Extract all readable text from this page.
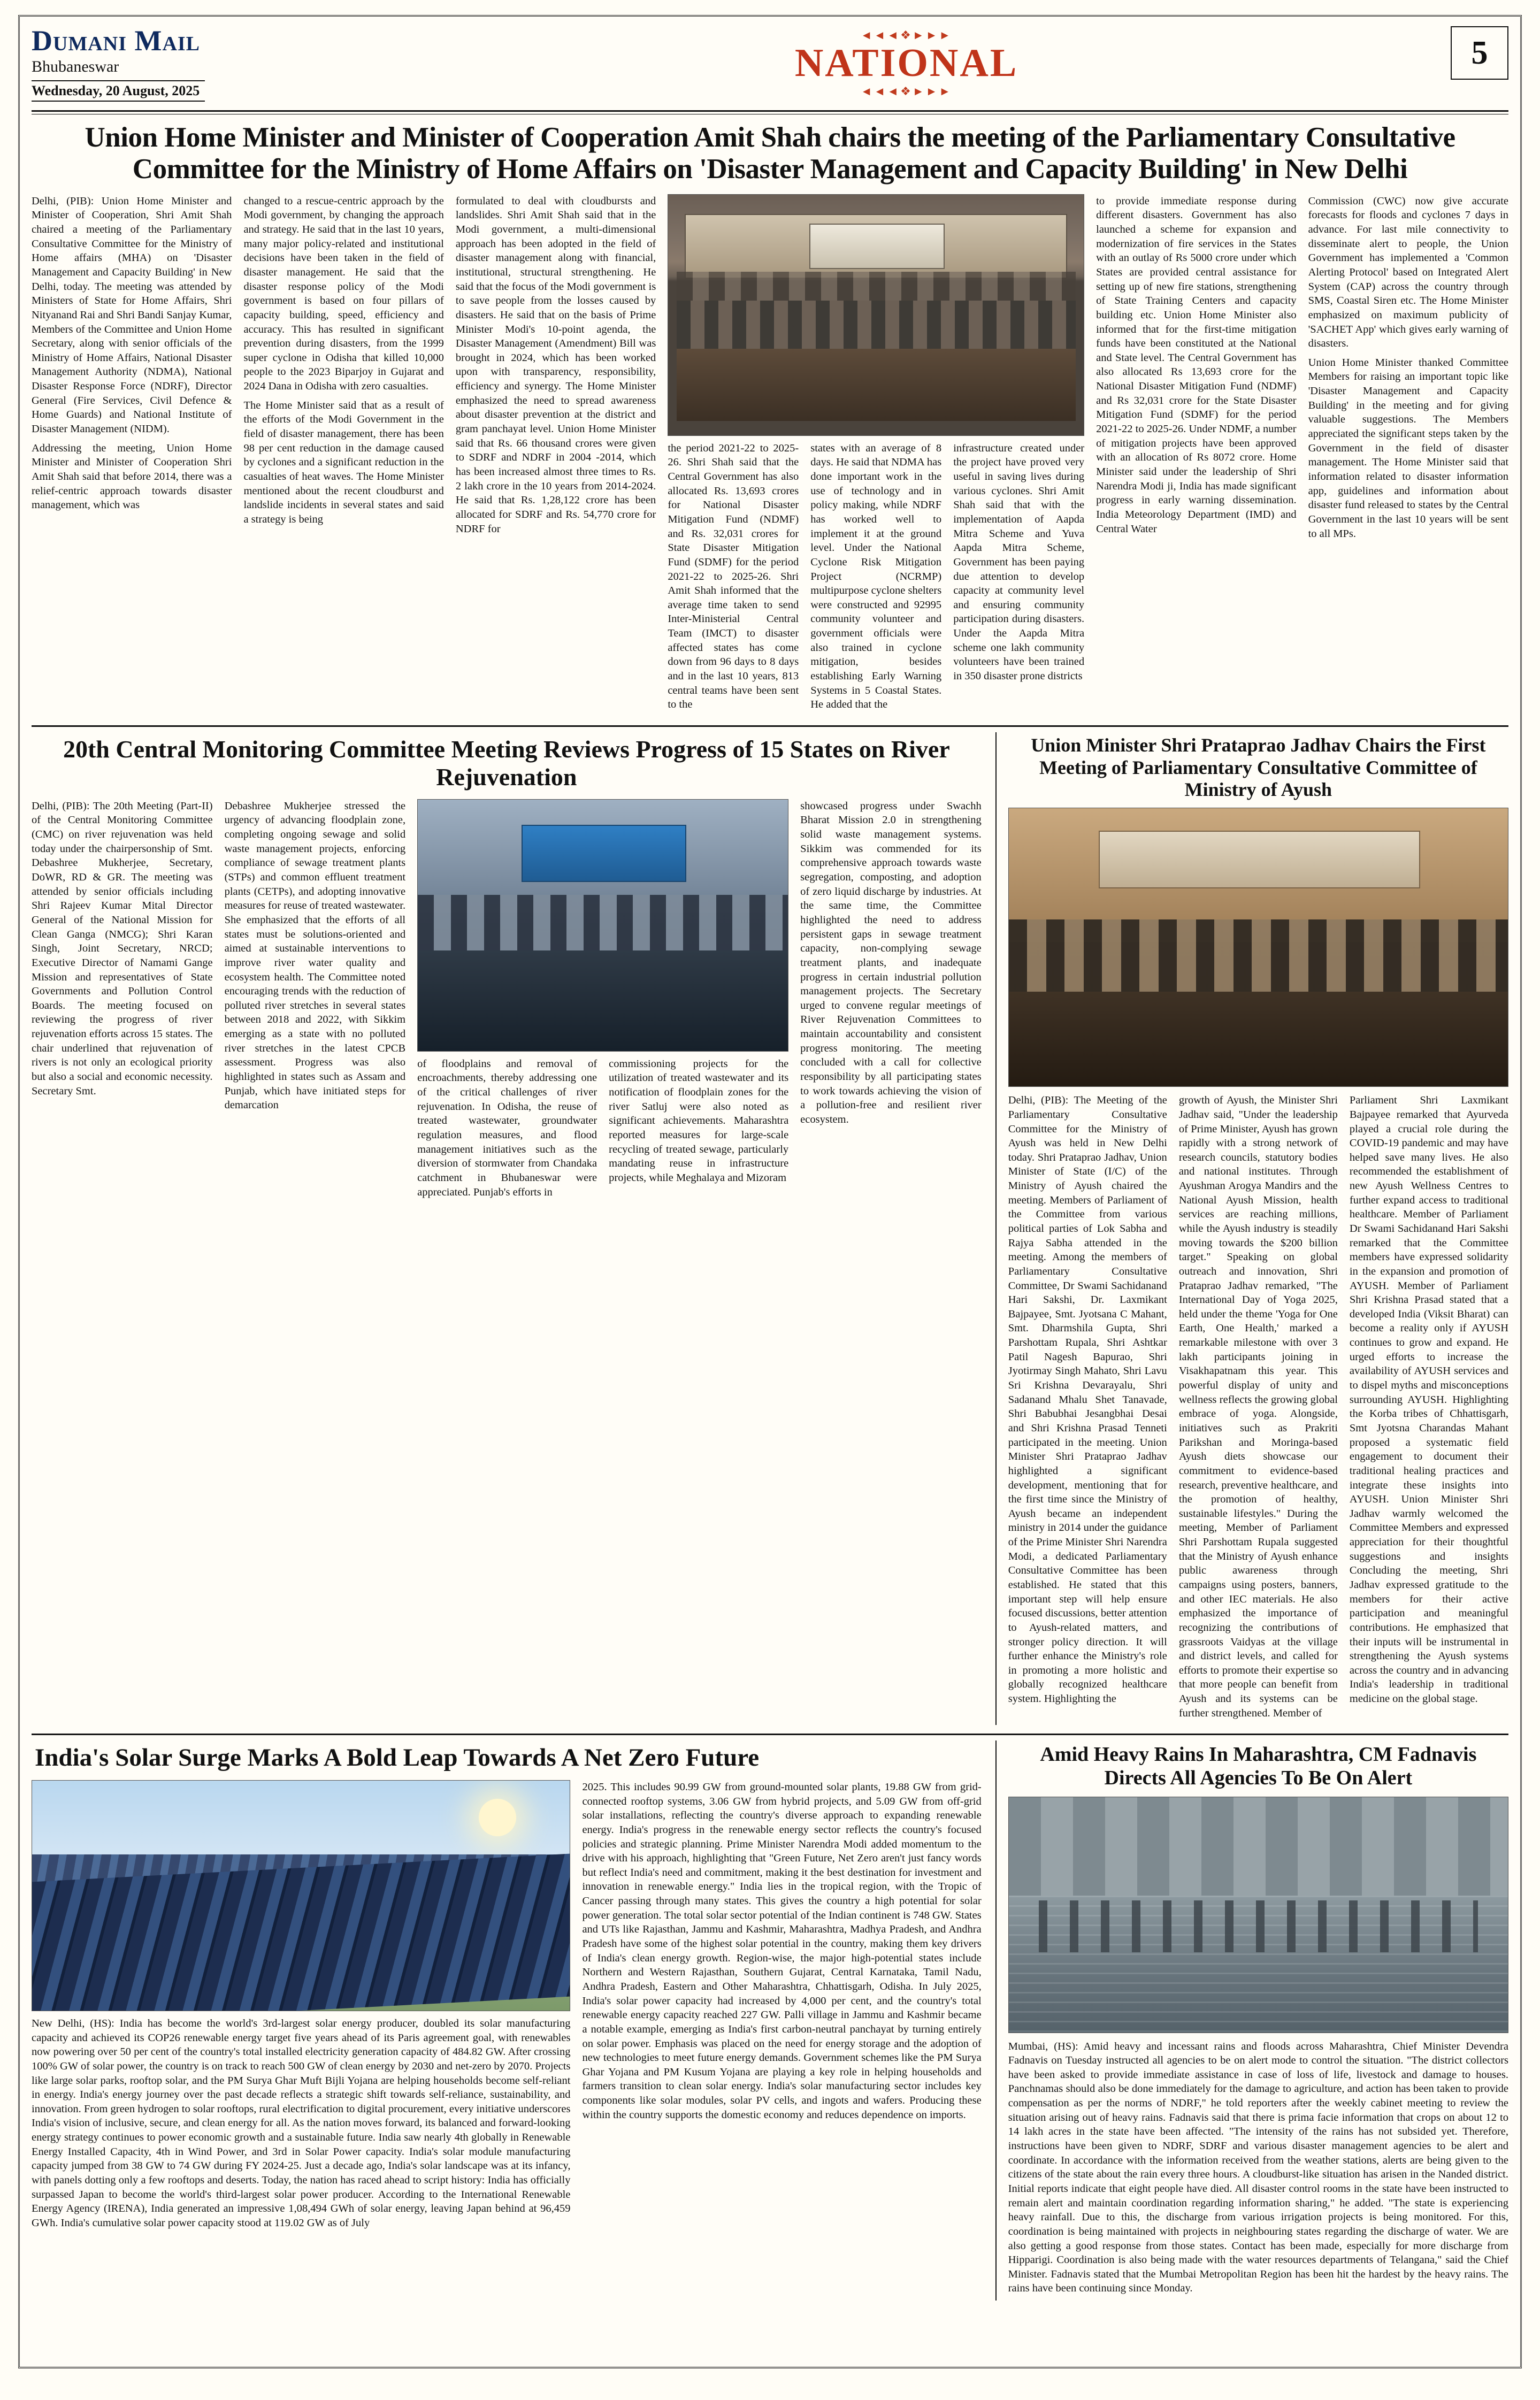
Dumani Mail
Bhubaneswar
Wednesday, 20 August, 2025
◄◄◄❖►►►
NATIONAL
◄◄◄❖►►►
5
Union Home Minister and Minister of Cooperation Amit Shah chairs the meeting of the Parliamentary Consultative Committee for the Ministry of Home Affairs on 'Disaster Management and Capacity Building' in New Delhi

Delhi, (PIB): Union Home Minister and Minister of Cooperation, Shri Amit Shah chaired a meeting of the Parliamentary Consultative Committee for the Ministry of Home affairs (MHA) on 'Disaster Management and Capacity Building' in New Delhi, today. The meeting was attended by Ministers of State for Home Affairs, Shri Nityanand Rai and Shri Bandi Sanjay Kumar, Members of the Committee and Union Home Secretary, along with senior officials of the Ministry of Home Affairs, National Disaster Management Authority (NDMA), National Disaster Response Force (NDRF), Director General (Fire Services, Civil Defence & Home Guards) and National Institute of Disaster Management (NIDM).

Addressing the meeting, Union Home Minister and Minister of Cooperation Shri Amit Shah said that before 2014, there was a relief-centric approach towards disaster management, which was

changed to a rescue-centric approach by the Modi government, by changing the approach and strategy. He said that in the last 10 years, many major policy-related and institutional decisions have been taken in the field of disaster management. He said that the disaster response policy of the Modi government is based on four pillars of capacity building, speed, efficiency and accuracy. This has resulted in significant prevention during disasters, from the 1999 super cyclone in Odisha that killed 10,000 people to the 2023 Biparjoy in Gujarat and 2024 Dana in Odisha with zero casualties.

The Home Minister said that as a result of the efforts of the Modi Government in the field of disaster management, there has been 98 per cent reduction in the damage caused by cyclones and a significant reduction in the casualties of heat waves. The Home Minister mentioned about the recent cloudburst and landslide incidents in several states and said a strategy is being

formulated to deal with cloudbursts and landslides. Shri Amit Shah said that in the Modi government, a multi-dimensional approach has been adopted in the field of disaster management along with financial, institutional, structural strengthening. He said that the focus of the Modi government is to save people from the losses caused by disasters. He said that on the basis of Prime Minister Modi's 10-point agenda, the Disaster Management (Amendment) Bill was brought in 2024, which has been worked upon with transparency, responsibility, efficiency and synergy. The Home Minister emphasized the need to spread awareness about disaster prevention at the district and gram panchayat level. Union Home Minister said that Rs. 66 thousand crores were given to SDRF and NDRF in 2004 -2014, which has been increased almost three times to Rs. 2 lakh crore in the 10 years from 2014-2024. He said that Rs. 1,28,122 crore has been allocated for SDRF and Rs. 54,770 crore for NDRF for

the period 2021-22 to 2025-26. Shri Shah said that the Central Government has also allocated Rs. 13,693 crores for National Disaster Mitigation Fund (NDMF) and Rs. 32,031 crores for State Disaster Mitigation Fund (SDMF) for the period 2021-22 to 2025-26. Shri Amit Shah informed that the average time taken to send Inter-Ministerial Central Team (IMCT) to disaster affected states has come down from 96 days to 8 days and in the last 10 years, 813 central teams have been sent to the

states with an average of 8 days. He said that NDMA has done important work in the use of technology and in policy making, while NDRF has worked well to implement it at the ground level. Under the National Cyclone Risk Mitigation Project (NCRMP) multipurpose cyclone shelters were constructed and 92995 community volunteer and government officials were also trained in cyclone mitigation, besides establishing Early Warning Systems in 5 Coastal States. He added that the

infrastructure created under the project have proved very useful in saving lives during various cyclones. Shri Amit Shah said that with the implementation of Aapda Mitra Scheme and Yuva Aapda Mitra Scheme, Government has been paying due attention to develop capacity at community level and ensuring community participation during disasters. Under the Aapda Mitra scheme one lakh community volunteers have been trained in 350 disaster prone districts

to provide immediate response during different disasters. Government has also launched a scheme for expansion and modernization of fire services in the States with an outlay of Rs 5000 crore under which States are provided central assistance for setting up of new fire stations, strengthening of State Training Centers and capacity building etc. Union Home Minister also informed that for the first-time mitigation funds have been constituted at the National and State level. The Central Government has also allocated Rs 13,693 crore for the National Disaster Mitigation Fund (NDMF) and Rs 32,031 crore for the State Disaster Mitigation Fund (SDMF) for the period 2021-22 to 2025-26. Under NDMF, a number of mitigation projects have been approved with an allocation of Rs 8072 crore. Home Minister said under the leadership of Shri Narendra Modi ji, India has made significant progress in early warning dissemination. India Meteorology Department (IMD) and Central Water

Commission (CWC) now give accurate forecasts for floods and cyclones 7 days in advance. For last mile connectivity to disseminate alert to people, the Union Government has implemented a 'Common Alerting Protocol' based on Integrated Alert System (CAP) across the country through SMS, Coastal Siren etc. The Home Minister emphasized on maximum publicity of 'SACHET App' which gives early warning of disasters.

Union Home Minister thanked Committee Members for raising an important topic like 'Disaster Management and Capacity Building' in the meeting and for giving valuable suggestions. The Members appreciated the significant steps taken by the Government in the field of disaster management. The Home Minister said that information related to disaster information app, guidelines and information about disaster fund released to states by the Central Government in the last 10 years will be sent to all MPs.

20th Central Monitoring Committee Meeting Reviews Progress of 15 States on River Rejuvenation

Delhi, (PIB): The 20th Meeting (Part-II) of the Central Monitoring Committee (CMC) on river rejuvenation was held today under the chairpersonship of Smt. Debashree Mukherjee, Secretary, DoWR, RD & GR. The meeting was attended by senior officials including Shri Rajeev Kumar Mital Director General of the National Mission for Clean Ganga (NMCG); Shri Karan Singh, Joint Secretary, NRCD; Executive Director of Namami Gange Mission and representatives of State Governments and Pollution Control Boards. The meeting focused on reviewing the progress of river rejuvenation efforts across 15 states. The chair underlined that rejuvenation of rivers is not only an ecological priority but also a social and economic necessity. Secretary Smt.

Debashree Mukherjee stressed the urgency of advancing floodplain zone, completing ongoing sewage and solid waste management projects, enforcing compliance of sewage treatment plants (STPs) and common effluent treatment plants (CETPs), and adopting innovative measures for reuse of treated wastewater. She emphasized that the efforts of all states must be solutions-oriented and aimed at sustainable interventions to improve river water quality and ecosystem health. The Committee noted encouraging trends with the reduction of polluted river stretches in several states between 2018 and 2022, with Sikkim emerging as a state with no polluted river stretches in the latest CPCB assessment. Progress was also highlighted in states such as Assam and Punjab, which have initiated steps for demarcation

of floodplains and removal of encroachments, thereby addressing one of the critical challenges of river rejuvenation. In Odisha, the reuse of treated wastewater, groundwater regulation measures, and flood management initiatives such as the diversion of stormwater from Chandaka catchment in Bhubaneswar were appreciated. Punjab's efforts in

commissioning projects for the utilization of treated wastewater and its notification of floodplain zones for the river Satluj were also noted as significant achievements. Maharashtra reported measures for large-scale recycling of treated sewage, particularly mandating reuse in infrastructure projects, while Meghalaya and Mizoram

showcased progress under Swachh Bharat Mission 2.0 in strengthening solid waste management systems. Sikkim was commended for its comprehensive approach towards waste segregation, composting, and adoption of zero liquid discharge by industries. At the same time, the Committee highlighted the need to address persistent gaps in sewage treatment capacity, non-complying sewage treatment plants, and inadequate progress in certain industrial pollution management projects. The Secretary urged to convene regular meetings of River Rejuvenation Committees to maintain accountability and consistent progress monitoring. The meeting concluded with a call for collective responsibility by all participating states to work towards achieving the vision of a pollution-free and resilient river ecosystem.

Union Minister Shri Prataprao Jadhav Chairs the First Meeting of Parliamentary Consultative Committee of Ministry of Ayush

Delhi, (PIB): The Meeting of the Parliamentary Consultative Committee for the Ministry of Ayush was held in New Delhi today. Shri Prataprao Jadhav, Union Minister of State (I/C) of the Ministry of Ayush chaired the meeting. Members of Parliament of the Committee from various political parties of Lok Sabha and Rajya Sabha attended in the meeting. Among the members of Parliamentary Consultative Committee, Dr Swami Sachidanand Hari Sakshi, Dr. Laxmikant Bajpayee, Smt. Jyotsana C Mahant, Smt. Dharmshila Gupta, Shri Parshottam Rupala, Shri Ashtkar Patil Nagesh Bapurao, Shri Jyotirmay Singh Mahato, Shri Lavu Sri Krishna Devarayalu, Shri Sadanand Mhalu Shet Tanavade, Shri Babubhai Jesangbhai Desai and Shri Krishna Prasad Tenneti participated in the meeting. Union Minister Shri Prataprao Jadhav highlighted a significant development, mentioning that for the first time since the Ministry of Ayush became an independent ministry in 2014 under the guidance of the Prime Minister Shri Narendra Modi, a dedicated Parliamentary Consultative Committee has been established. He stated that this important step will help ensure focused discussions, better attention to Ayush-related matters, and stronger policy direction. It will further enhance the Ministry's role in promoting a more holistic and globally recognized healthcare system. Highlighting the

growth of Ayush, the Minister Shri Jadhav said, "Under the leadership of Prime Minister, Ayush has grown rapidly with a strong network of research councils, statutory bodies and national institutes. Through Ayushman Arogya Mandirs and the National Ayush Mission, health services are reaching millions, while the Ayush industry is steadily moving towards the $200 billion target." Speaking on global outreach and innovation, Shri Prataprao Jadhav remarked, "The International Day of Yoga 2025, held under the theme 'Yoga for One Earth, One Health,' marked a remarkable milestone with over 3 lakh participants joining in Visakhapatnam this year. This powerful display of unity and wellness reflects the growing global embrace of yoga. Alongside, initiatives such as Prakriti Parikshan and Moringa-based Ayush diets showcase our commitment to evidence-based research, preventive healthcare, and the promotion of healthy, sustainable lifestyles." During the meeting, Member of Parliament Shri Parshottam Rupala suggested that the Ministry of Ayush enhance public awareness through campaigns using posters, banners, and other IEC materials. He also emphasized the importance of recognizing the contributions of grassroots Vaidyas at the village and district levels, and called for efforts to promote their expertise so that more people can benefit from Ayush and its systems can be further strengthened. Member of

Parliament Shri Laxmikant Bajpayee remarked that Ayurveda played a crucial role during the COVID-19 pandemic and may have helped save many lives. He also recommended the establishment of new Ayush Wellness Centres to further expand access to traditional healthcare. Member of Parliament Dr Swami Sachidanand Hari Sakshi remarked that the Committee members have expressed solidarity in the expansion and promotion of AYUSH. Member of Parliament Shri Krishna Prasad stated that a developed India (Viksit Bharat) can become a reality only if AYUSH continues to grow and expand. He urged efforts to increase the availability of AYUSH services and to dispel myths and misconceptions surrounding AYUSH. Highlighting the Korba tribes of Chhattisgarh, Smt Jyotsna Charandas Mahant proposed a systematic field engagement to document their traditional healing practices and integrate these insights into AYUSH. Union Minister Shri Jadhav warmly welcomed the Committee Members and expressed appreciation for their thoughtful suggestions and insights Concluding the meeting, Shri Jadhav expressed gratitude to the members for their active participation and meaningful contributions. He emphasized that their inputs will be instrumental in strengthening the Ayush systems across the country and in advancing India's leadership in traditional medicine on the global stage.

India's Solar Surge Marks A Bold Leap Towards A Net Zero Future

New Delhi, (HS): India has become the world's 3rd-largest solar energy producer, doubled its solar manufacturing capacity and achieved its COP26 renewable energy target five years ahead of its Paris agreement goal, with renewables now powering over 50 per cent of the country's total installed electricity generation capacity of 484.82 GW. After crossing 100% GW of solar power, the country is on track to reach 500 GW of clean energy by 2030 and net-zero by 2070. Projects like large solar parks, rooftop solar, and the PM Surya Ghar Muft Bijli Yojana are helping households become self-reliant in energy. India's energy journey over the past decade reflects a strategic shift towards self-reliance, sustainability, and innovation. From green hydrogen to solar rooftops, rural electrification to digital procurement, every initiative underscores India's vision of inclusive, secure, and clean energy for all. As the nation moves forward, its balanced and forward-looking energy strategy continues to power economic growth and a sustainable future. India saw nearly 4th globally in Renewable Energy Installed Capacity, 4th in Wind Power, and 3rd in Solar Power capacity. India's solar module manufacturing capacity jumped from 38 GW to 74 GW during FY 2024-25. Just a decade ago, India's solar landscape was at its infancy, with panels dotting only a few rooftops and deserts. Today, the nation has raced ahead to script history: India has officially surpassed Japan to become the world's third-largest solar power producer. According to the International Renewable Energy Agency (IRENA), India generated an impressive 1,08,494 GWh of solar energy, leaving Japan behind at 96,459 GWh. India's cumulative solar power capacity stood at 119.02 GW as of July

2025. This includes 90.99 GW from ground-mounted solar plants, 19.88 GW from grid-connected rooftop systems, 3.06 GW from hybrid projects, and 5.09 GW from off-grid solar installations, reflecting the country's diverse approach to expanding renewable energy. India's progress in the renewable energy sector reflects the country's focused policies and strategic planning. Prime Minister Narendra Modi added momentum to the drive with his approach, highlighting that "Green Future, Net Zero aren't just fancy words but reflect India's need and commitment, making it the best destination for investment and innovation in renewable energy." India lies in the tropical region, with the Tropic of Cancer passing through many states. This gives the country a high potential for solar power generation. The total solar sector potential of the Indian continent is 748 GW. States and UTs like Rajasthan, Jammu and Kashmir, Maharashtra, Madhya Pradesh, and Andhra Pradesh have some of the highest solar potential in the country, making them key drivers of India's clean energy growth. Region-wise, the major high-potential states include Northern and Western Rajasthan, Southern Gujarat, Central Karnataka, Tamil Nadu, Andhra Pradesh, Eastern and Other Maharashtra, Chhattisgarh, Odisha. In July 2025, India's solar power capacity had increased by 4,000 per cent, and the country's total renewable energy capacity reached 227 GW. Palli village in Jammu and Kashmir became a notable example, emerging as India's first carbon-neutral panchayat by turning entirely on solar power. Emphasis was placed on the need for energy storage and the adoption of new technologies to meet future energy demands. Government schemes like the PM Surya Ghar Yojana and PM Kusum Yojana are playing a key role in helping households and farmers transition to clean solar energy. India's solar manufacturing sector includes key components like solar modules, solar PV cells, and ingots and wafers. Producing these within the country supports the domestic economy and reduces dependence on imports.

Amid Heavy Rains In Maharashtra, CM Fadnavis Directs All Agencies To Be On Alert

Mumbai, (HS): Amid heavy and incessant rains and floods across Maharashtra, Chief Minister Devendra Fadnavis on Tuesday instructed all agencies to be on alert mode to control the situation. "The district collectors have been asked to provide immediate assistance in case of loss of life, livestock and damage to houses. Panchnamas should also be done immediately for the damage to agriculture, and action has been taken to provide compensation as per the norms of NDRF," he told reporters after the weekly cabinet meeting to review the situation arising out of heavy rains. Fadnavis said that there is prima facie information that crops on about 12 to 14 lakh acres in the state have been affected. "The intensity of the rains has not subsided yet. Therefore, instructions have been given to NDRF, SDRF and various disaster management agencies to be alert and coordinate. In accordance with the information received from the weather stations, alerts are being given to the citizens of the state about the rain every three hours. A cloudburst-like situation has arisen in the Nanded district. Initial reports indicate that eight people have died. All disaster control rooms in the state have been instructed to remain alert and maintain coordination regarding information sharing," he added. "The state is experiencing heavy rainfall. Due to this, the discharge from various irrigation projects is being monitored. For this, coordination is being maintained with projects in neighbouring states regarding the discharge of water. We are also getting a good response from those states. Contact has been made, especially for more discharge from Hipparigi. Coordination is also being made with the water resources departments of Telangana," said the Chief Minister. Fadnavis stated that the Mumbai Metropolitan Region has been hit the hardest by the heavy rains. The rains have been continuing since Monday.
